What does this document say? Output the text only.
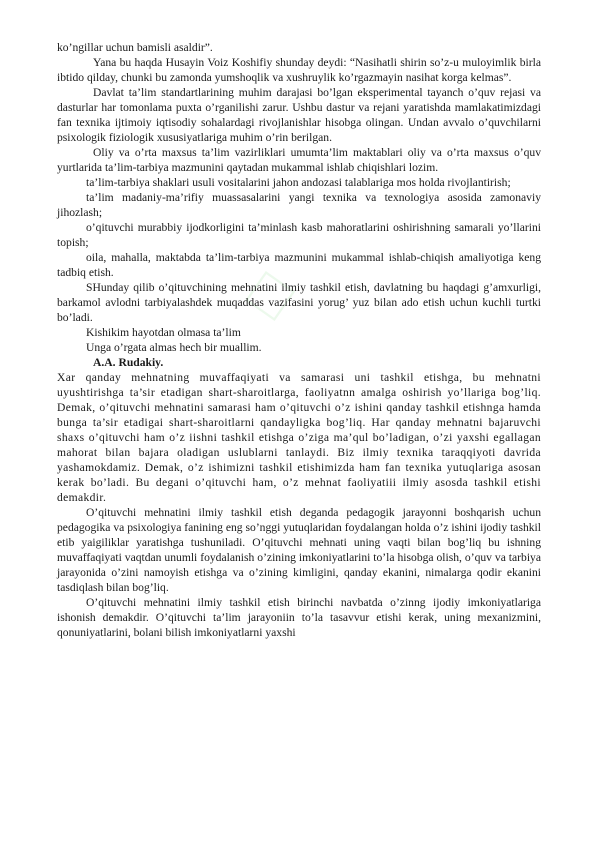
□

ko’ngillar uchun bamisli asaldir”.

Yana bu haqda Husayin Voiz Koshifiy shunday deydi: “Nasihatli shirin so’z-u muloyimlik birla ibtido qilday, chunki bu zamonda yumshoqlik va xushruylik ko’rgazmayin nasihat korga kelmas”.

Davlat ta’lim standartlarining muhim darajasi bo’lgan eksperimental tayanch o’quv rejasi va dasturlar har tomonlama puxta o’rganilishi zarur. Ushbu dastur va rejani yaratishda mamlakatimizdagi fan texnika ijtimoiy iqtisodiy sohalardagi rivojlanishlar hisobga olingan. Undan avvalo o’quvchilarni psixologik fiziologik xususiyatlariga muhim o’rin berilgan.

Oliy va o’rta maxsus ta’lim vazirliklari umumta’lim maktablari oliy va o’rta maxsus o’quv yurtlarida ta’lim-tarbiya mazmunini qaytadan mukammal ishlab chiqishlari lozim.

ta’lim-tarbiya shaklari usuli vositalarini jahon andozasi talablariga mos holda rivojlantirish;

ta’lim madaniy-ma’rifiy muassasalarini yangi texnika va texnologiya asosida zamonaviy jihozlash;

o’qituvchi murabbiy ijodkorligini ta’minlash kasb mahoratlarini oshirishning samarali yo’llarini topish;

oila, mahalla, maktabda ta’lim-tarbiya mazmunini mukammal ishlab-chiqish amaliyotiga keng tadbiq etish.

SHunday qilib o’qituvchining mehnatini ilmiy tashkil etish, davlatning bu haqdagi g’amxurligi, barkamol avlodni tarbiyalashdek muqaddas vazifasini yorug’ yuz bilan ado etish uchun kuchli turtki bo’ladi.

Kishikim hayotdan olmasa ta’lim

Unga o’rgata almas hech bir muallim.

A.A. Rudakiy.

Xar qanday mehnatning muvaffaqiyati va samarasi uni tashkil etishga, bu mehnatni uyushtirishga ta’sir etadigan shart-sharoitlarga, faoliyatnn amalga oshirish yo’llariga bog’liq. Demak, o’qituvchi mehnatini samarasi ham o’qituvchi o’z ishini qanday tashkil etishnga hamda bunga ta’sir etadigai shart-sharoitlarni qandayligka bog’liq. Har qanday mehnatni bajaruvchi shaxs o’qituvchi ham o’z iishni tashkil etishga o’ziga ma’qul bo’ladigan, o’zi yaxshi egallagan mahorat bilan bajara oladigan uslublarni tanlaydi. Biz ilmiy texnika taraqqiyoti davrida yashamokdamiz. Demak, o’z ishimizni tashkil etishimizda ham fan texnika yutuqlariga asosan kerak bo’ladi. Bu degani o’qituvchi ham, o’z mehnat faoliyatiii ilmiy asosda tashkil etishi demakdir.

O’qituvchi mehnatini ilmiy tashkil etish deganda pedagogik jarayonni boshqarish uchun pedagogika va psixologiya fanining eng so’nggi yutuqlaridan foydalangan holda o’z ishini ijodiy tashkil etib yaigiliklar yaratishga tushuniladi. O’qituvchi mehnati uning vaqti bilan bog’liq bu ishning muvaffaqiyati vaqtdan unumli foydalanish o’zining imkoniyatlarini to’la hisobga olish, o’quv va tarbiya jarayonida o’zini namoyish etishga va o’zining kimligini, qanday ekanini, nimalarga qodir ekanini tasdiqlash bilan bog’liq.

O’qituvchi mehnatini ilmiy tashkil etish birinchi navbatda o’zinng ijodiy imkoniyatlariga ishonish demakdir. O’qituvchi ta’lim jarayoniin to’la tasavvur etishi kerak, uning mexanizmini, qonuniyatlarini, bolani bilish imkoniyatlarni yaxshi
